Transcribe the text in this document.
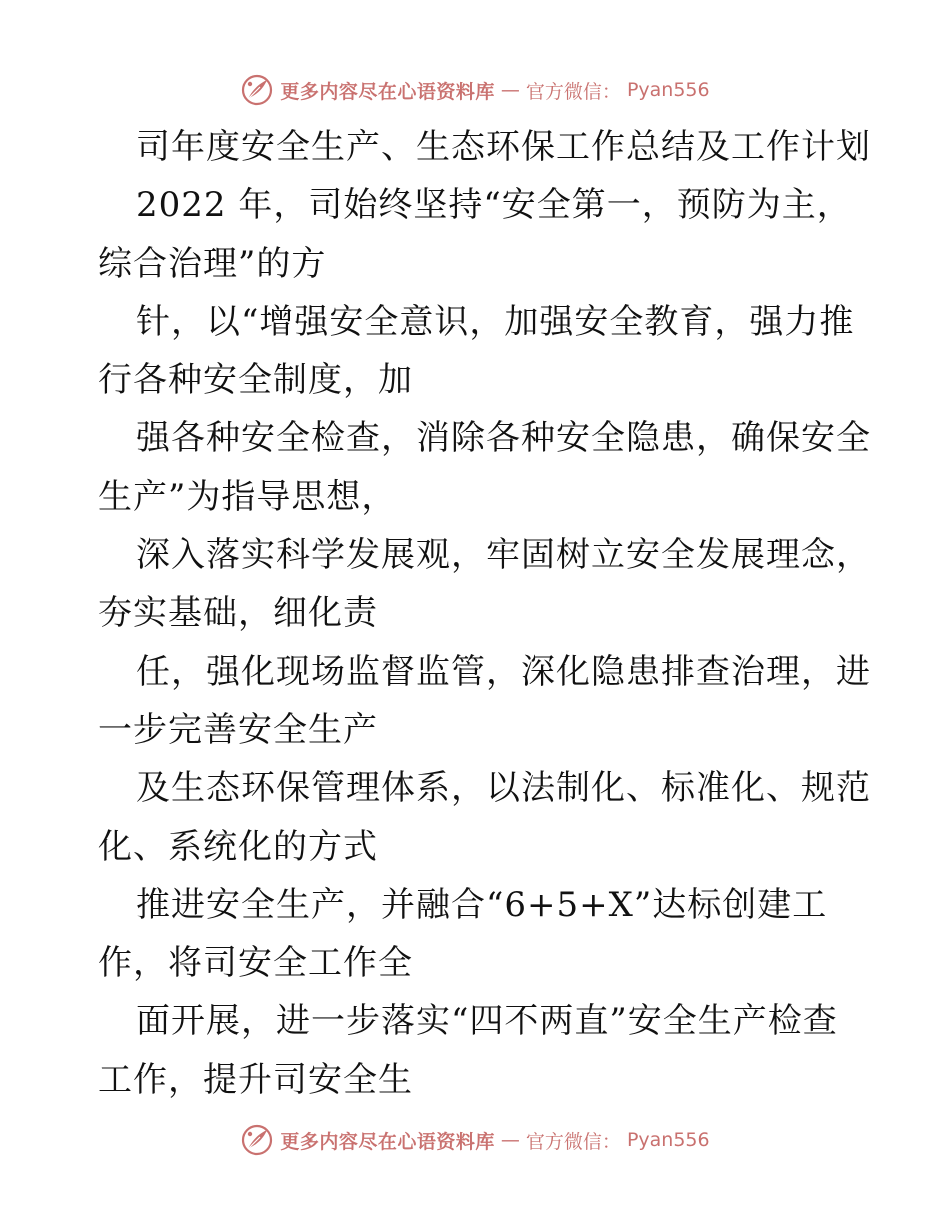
更多内容尽在心语资料库 — 官方微信： Pyan556
司年度安全生产、生态环保工作总结及工作计划
2022 年，司始终坚持“安全第一，预防为主，
综合治理”的方
针，以“增强安全意识，加强安全教育，强力推
行各种安全制度，加
强各种安全检查，消除各种安全隐患，确保安全
生产”为指导思想，
深入落实科学发展观，牢固树立安全发展理念，
夯实基础，细化责
任，强化现场监督监管，深化隐患排查治理，进
一步完善安全生产
及生态环保管理体系，以法制化、标准化、规范
化、系统化的方式
推进安全生产，并融合“6+5+X”达标创建工
作，将司安全工作全
面开展，进一步落实“四不两直”安全生产检查
工作，提升司安全生
更多内容尽在心语资料库 — 官方微信： Pyan556
